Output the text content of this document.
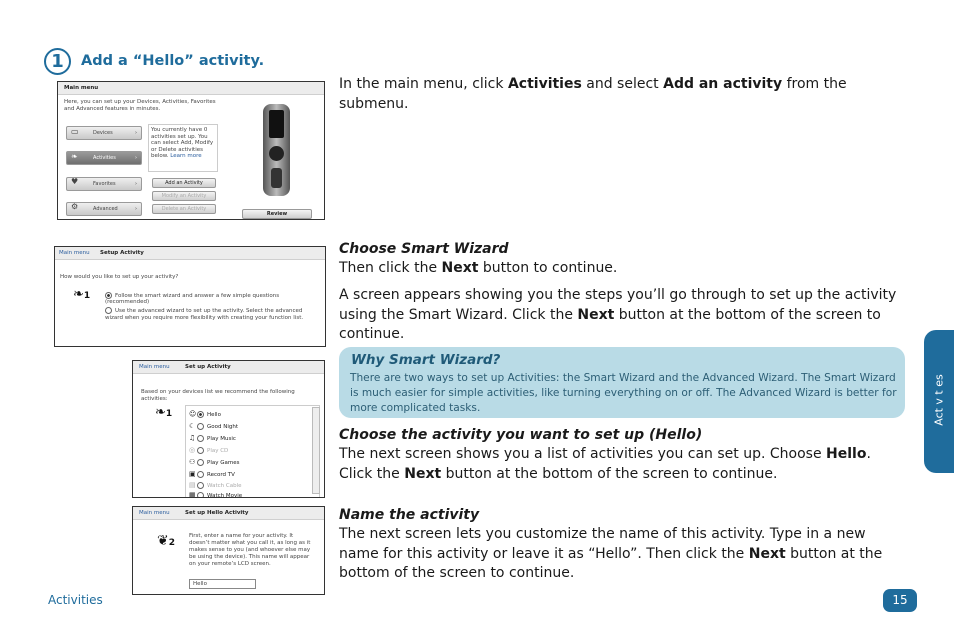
1	Add a “Hello” activity.
Main menu
Here, you can set up your Devices, Activities, Favorites and Advanced features in minutes.
Devices	›
Activities	›
Favorites	›
Advanced	›
▭
❧
♥
⚙
You currently have 0 activities set up. You can select Add, Modify or Delete activities below. Learn more
Add an Activity
Modify an Activity
Delete an Activity
Review
In the main menu, click Activities and select Add an activity from the submenu.
Main menu Setup Activity
How would you like to set up your activity?
❧1	Follow the smart wizard and answer a few simple questions (recommended)
Use the advanced wizard to set up the activity. Select the advanced wizard when you require more flexibility with creating your function list.
Choose Smart Wizard
Then click the Next button to continue.
A screen appears showing you the steps you’ll go through to set up the activity using the Smart Wizard. Click the Next button at the bottom of the screen to continue.
Why Smart Wizard?
There are two ways to set up Activities: the Smart Wizard and the Advanced Wizard. The Smart Wizard is much easier for simple activities, like turning everything on or off. The Advanced Wizard is better for more complicated tasks.
Main menu	Set up Activity
Based on your devices list we recommend the following activities:
❧1 ☺ Hello
☾ Good Night
♫ Play Music
◎ Play CD
⚇ Play Games
▣ Record TV
▤ Watch Cable
▦ Watch Movie
Choose the activity you want to set up (Hello)
The next screen shows you a list of activities you can set up. Choose Hello. Click the Next button at the bottom of the screen to continue.
Main menu	Set up Hello Activity
❦2
First, enter a name for your activity. It doesn’t matter what you call it, as long as it makes sense to you (and whoever else may be using the device). This name will appear on your remote’s LCD screen.
Hello
Name the activity
The next screen lets you customize the name of this activity. Type in a new name for this activity or leave it as “Hello”. Then click the Next button at the bottom of the screen to continue.
Act v t es
Activities	15
